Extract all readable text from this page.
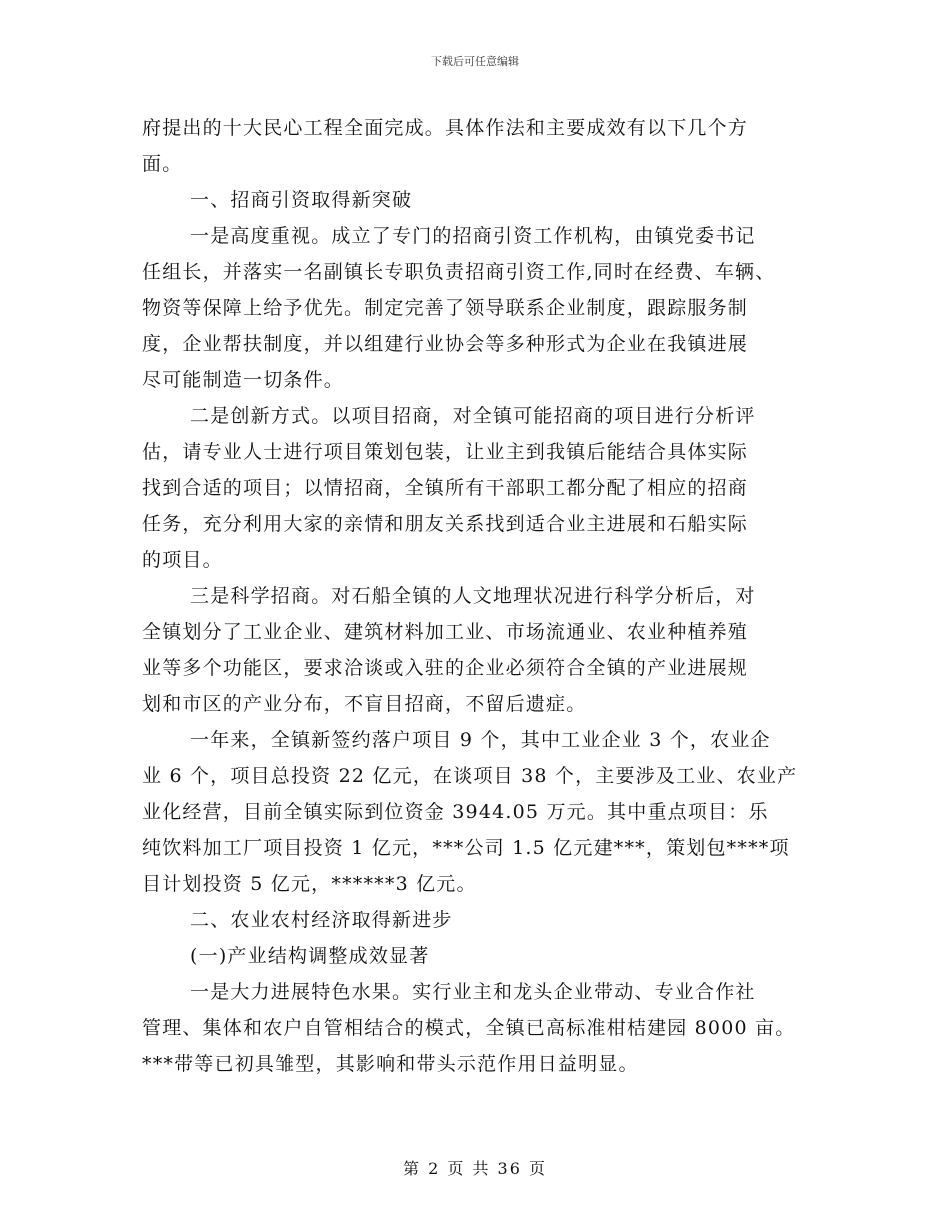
下载后可任意编辑
府提出的十大民心工程全面完成。具体作法和主要成效有以下几个方
面。
一、招商引资取得新突破
一是高度重视。成立了专门的招商引资工作机构，由镇党委书记
任组长，并落实一名副镇长专职负责招商引资工作,同时在经费、车辆、
物资等保障上给予优先。制定完善了领导联系企业制度，跟踪服务制
度，企业帮扶制度，并以组建行业协会等多种形式为企业在我镇进展
尽可能制造一切条件。
二是创新方式。以项目招商，对全镇可能招商的项目进行分析评
估，请专业人士进行项目策划包装，让业主到我镇后能结合具体实际
找到合适的项目；以情招商，全镇所有干部职工都分配了相应的招商
任务，充分利用大家的亲情和朋友关系找到适合业主进展和石船实际
的项目。
三是科学招商。对石船全镇的人文地理状况进行科学分析后，对
全镇划分了工业企业、建筑材料加工业、市场流通业、农业种植养殖
业等多个功能区，要求洽谈或入驻的企业必须符合全镇的产业进展规
划和市区的产业分布，不盲目招商，不留后遗症。
一年来，全镇新签约落户项目 9 个，其中工业企业 3 个，农业企
业 6 个，项目总投资 22 亿元，在谈项目 38 个，主要涉及工业、农业产
业化经营，目前全镇实际到位资金 3944.05 万元。其中重点项目：乐
纯饮料加工厂项目投资 1 亿元，***公司 1.5 亿元建***，策划包****项
目计划投资 5 亿元，******3 亿元。
二、农业农村经济取得新进步
(一)产业结构调整成效显著
一是大力进展特色水果。实行业主和龙头企业带动、专业合作社
管理、集体和农户自管相结合的模式，全镇已高标准柑桔建园 8000 亩。
***带等已初具雏型，其影响和带头示范作用日益明显。
第 2 页 共 36 页
